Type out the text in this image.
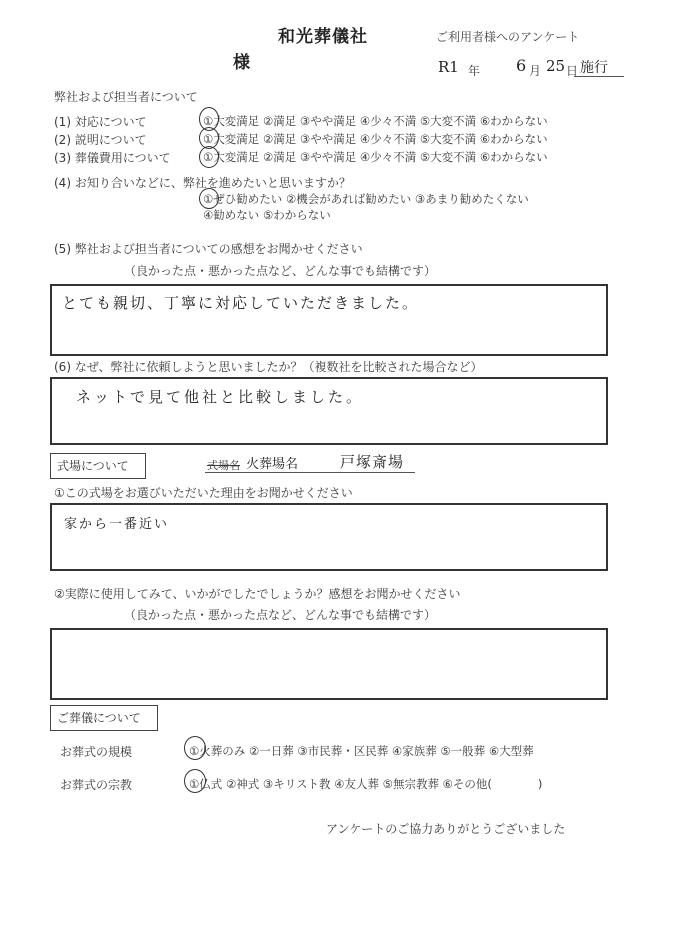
和光葬儀社
様
ご利用者様へのアンケート
R1 年 6 月 25 日 施行
弊社および担当者について
(1) 対応について	①大変満足 ②満足 ③やや満足 ④少々不満 ⑤大変不満 ⑥わからない
(2) 説明について	①大変満足 ②満足 ③やや満足 ④少々不満 ⑤大変不満 ⑥わからない
(3) 葬儀費用について	①大変満足 ②満足 ③やや満足 ④少々不満 ⑤大変不満 ⑥わからない
(4) お知り合いなどに、弊社を進めたいと思いますか？
①ぜひ勧めたい ②機会があれば勧めたい ③あまり勧めたくない
④勧めない ⑤わからない
(5) 弊社および担当者についての感想をお聞かせください
（良かった点・悪かった点など、どんな事でも結構です）
とても親切、丁寧に対応していただきました。
(6) なぜ、弊社に依頼しようと思いましたか？（複数社を比較された場合など）
ネットで見て他社と比較しました。
式場について	式場名 火葬場名	戸塚斎場
①この式場をお選びいただいた理由をお聞かせください
家から一番近い
②実際に使用してみて、いかがでしたでしょうか？感想をお聞かせください
（良かった点・悪かった点など、どんな事でも結構です）
ご葬儀について
お葬式の規模	①火葬のみ ②一日葬 ③市民葬・区民葬 ④家族葬 ⑤一般葬 ⑥大型葬
お葬式の宗教	①仏式 ②神式 ③キリスト教 ④友人葬 ⑤無宗教葬 ⑥その他(　　　　)
アンケートのご協力ありがとうございました
